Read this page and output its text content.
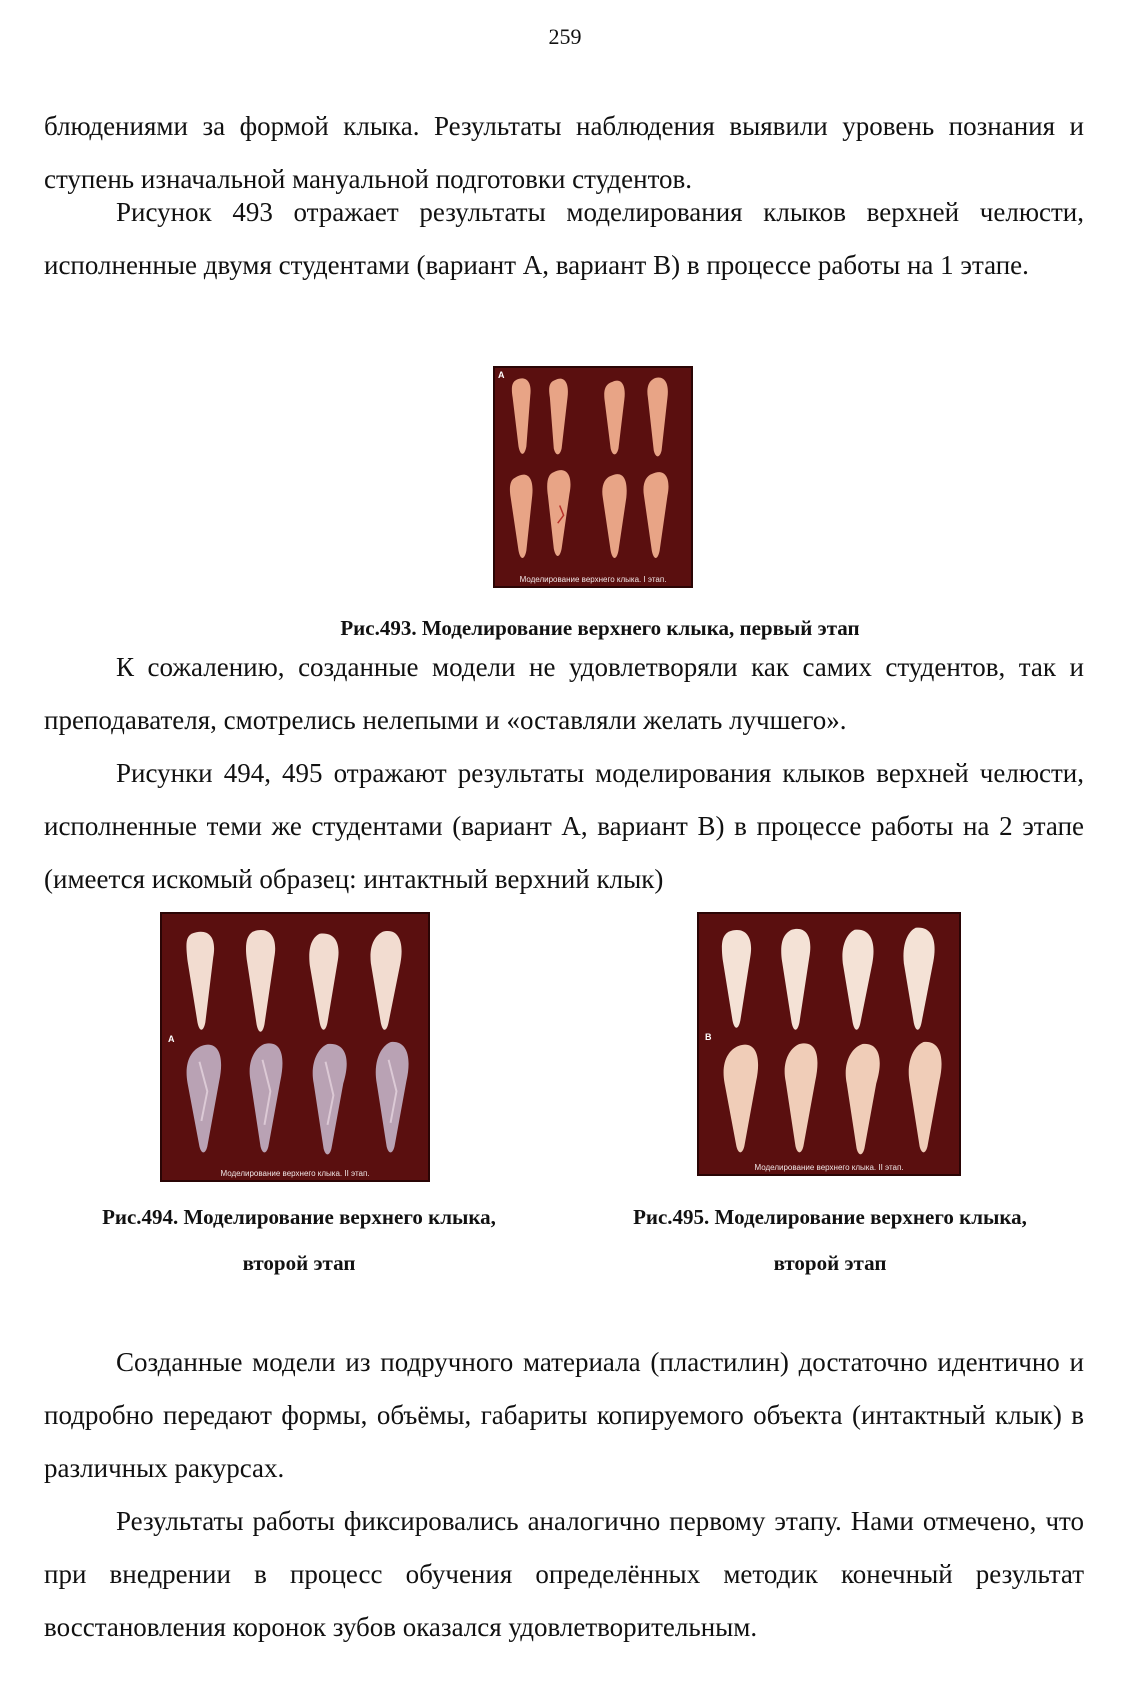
259

блюдениями за формой клыка. Результаты наблюдения выявили уровень познания и ступень изначальной мануальной подготовки студентов.

Рисунок 493 отражает результаты моделирования клыков верхней челюсти, исполненные двумя студентами (вариант А, вариант В) в процессе работы на 1 этапе.

А
Моделирование верхнего клыка. I этап.

Рис.493. Моделирование верхнего клыка, первый этап

К сожалению, созданные модели не удовлетворяли как самих студентов, так и преподавателя, смотрелись нелепыми и «оставляли желать лучшего».

Рисунки 494, 495 отражают результаты моделирования клыков верхней челюсти, исполненные теми же студентами (вариант А, вариант В) в процессе работы на 2 этапе (имеется искомый образец: интактный верхний клык)

А
Моделирование верхнего клыка. II этап.
В
Моделирование верхнего клыка. II этап.
Рис.494. Моделирование верхнего клыка,
второй этап
Рис.495. Моделирование верхнего клыка,
второй этап

Созданные модели из подручного материала (пластилин) достаточно идентично и подробно передают формы, объёмы, габариты копируемого объекта (интактный клык) в различных ракурсах.

Результаты работы фиксировались аналогично первому этапу. Нами отмечено, что при внедрении в процесс обучения определённых методик конечный результат восстановления коронок зубов оказался удовлетворительным.
